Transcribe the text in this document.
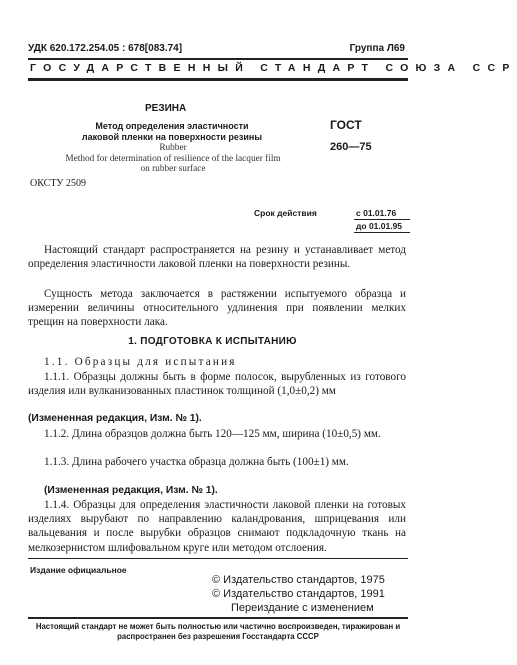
УДК 620.172.254.05 : 678[083.74]	Группа Л69
ГОСУДАРСТВЕННЫЙ СТАНДАРТ СОЮЗА ССР
РЕЗИНА
Метод определения эластичности
лаковой пленки на поверхности резины
Rubber
Method for determination of resilience of the lacquer film
on rubber surface
ГОСТ
260—75
ОКСТУ 2509
Срок действия	с 01.01.76
до 01.01.95
Настоящий стандарт распространяется на резину и устанавливает метод определения эластичности лаковой пленки на поверхности резины.
Сущность метода заключается в растяжении испытуемого образца и измерении величины относительного удлинения при появлении мелких трещин на поверхности лака.
1. ПОДГОТОВКА К ИСПЫТАНИЮ
1.1. Образцы для испытания
1.1.1. Образцы должны быть в форме полосок, вырубленных из готового изделия или вулканизованных пластинок толщиной (1,0±0,2) мм
(Измененная редакция, Изм. № 1).
1.1.2. Длина образцов должна быть 120—125 мм, ширина (10±0,5) мм.
1.1.3. Длина рабочего участка образца должна быть (100±1) мм.
(Измененная редакция, Изм. № 1).
1.1.4. Образцы для определения эластичности лаковой пленки на готовых изделиях вырубают по направлению каландрования, шприцевания или вальцевания и после вырубки образцов снимают подкладочную ткань на мелкозернистом шлифовальном круге или методом отслоения.
Издание официальное
© Издательство стандартов, 1975
© Издательство стандартов, 1991
Переиздание с изменением
Настоящий стандарт не может быть полностью или частично воспроизведен, тиражирован и распространен без разрешения Госстандарта СССР
